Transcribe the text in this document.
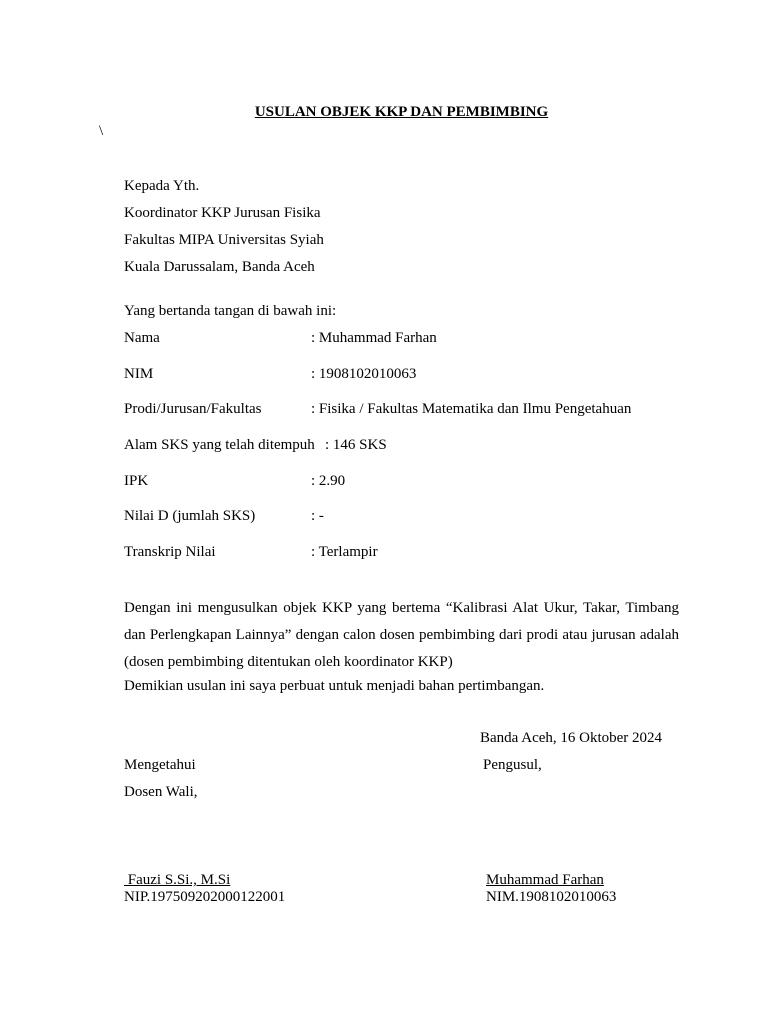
USULAN OBJEK KKP DAN PEMBIMBING
\
Kepada Yth.
Koordinator KKP Jurusan Fisika
Fakultas MIPA Universitas Syiah
Kuala Darussalam, Banda Aceh
Yang bertanda tangan di bawah ini:
Nama	: Muhammad Farhan
NIM	: 1908102010063
Prodi/Jurusan/Fakultas	: Fisika / Fakultas Matematika dan Ilmu Pengetahuan
Alam SKS yang telah ditempuh : 146 SKS
IPK	: 2.90
Nilai D (jumlah SKS)	: -
Transkrip Nilai	: Terlampir
Dengan ini mengusulkan objek KKP yang bertema “Kalibrasi Alat Ukur, Takar, Timbang dan Perlengkapan Lainnya” dengan calon dosen pembimbing dari prodi atau jurusan adalah (dosen pembimbing ditentukan oleh koordinator KKP)
Demikian usulan ini saya perbuat untuk menjadi bahan pertimbangan.
Banda Aceh, 16 Oktober 2024
Mengetahui	Pengusul,
Dosen Wali,
Fauzi S.Si., M.Si	Muhammad Farhan
NIP.197509202000122001	NIM.1908102010063
